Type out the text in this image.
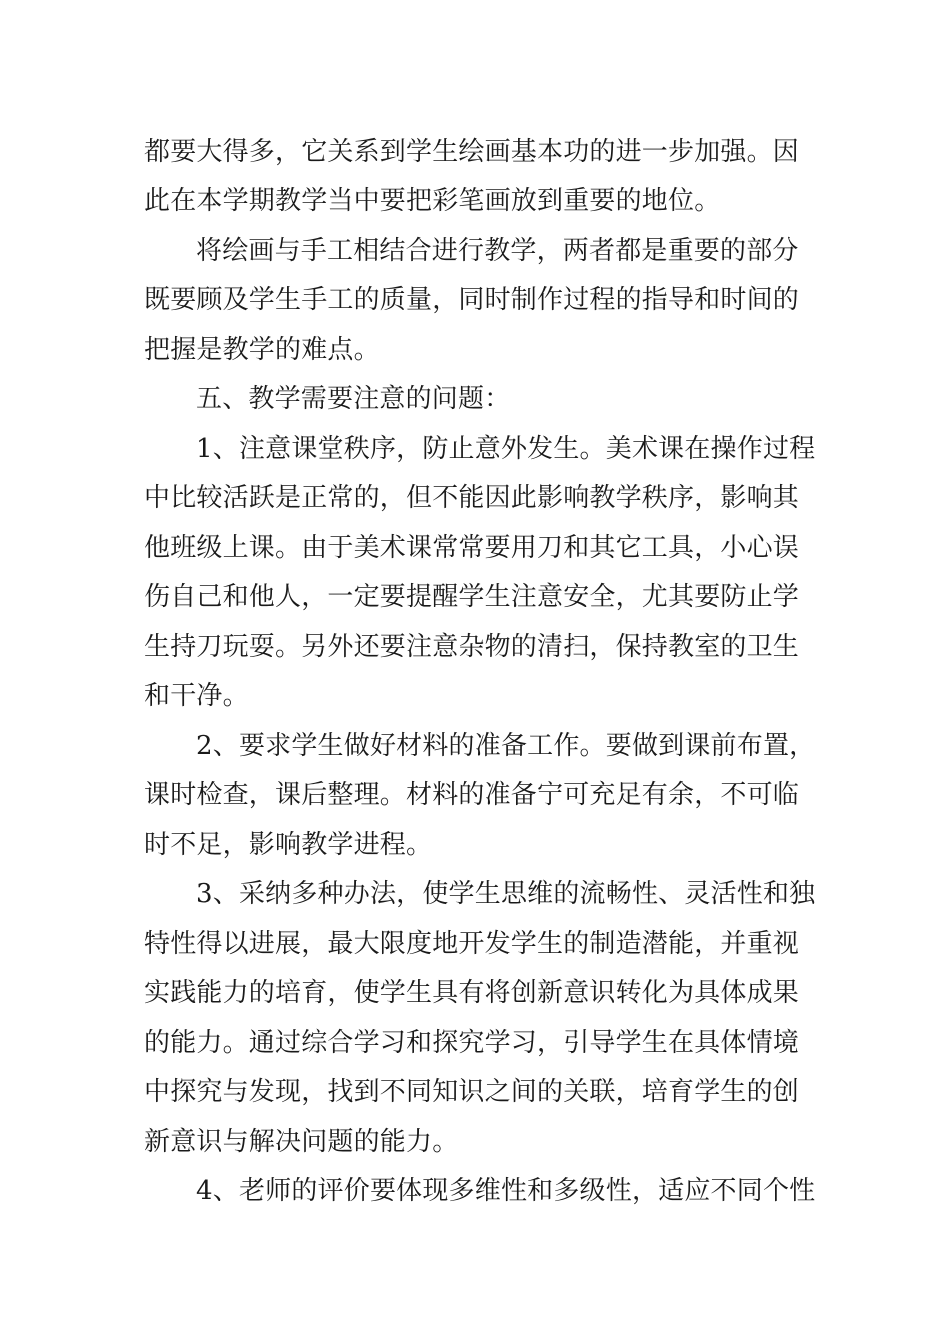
都要大得多，它关系到学生绘画基本功的进一步加强。因
此在本学期教学当中要把彩笔画放到重要的地位。
将绘画与手工相结合进行教学，两者都是重要的部分
既要顾及学生手工的质量，同时制作过程的指导和时间的
把握是教学的难点。
五、教学需要注意的问题：
1、注意课堂秩序，防止意外发生。美术课在操作过程
中比较活跃是正常的，但不能因此影响教学秩序，影响其
他班级上课。由于美术课常常要用刀和其它工具，小心误
伤自己和他人，一定要提醒学生注意安全，尤其要防止学
生持刀玩耍。另外还要注意杂物的清扫，保持教室的卫生
和干净。
2、要求学生做好材料的准备工作。要做到课前布置，
课时检查，课后整理。材料的准备宁可充足有余，不可临
时不足，影响教学进程。
3、采纳多种办法，使学生思维的流畅性、灵活性和独
特性得以进展，最大限度地开发学生的制造潜能，并重视
实践能力的培育，使学生具有将创新意识转化为具体成果
的能力。通过综合学习和探究学习，引导学生在具体情境
中探究与发现，找到不同知识之间的关联，培育学生的创
新意识与解决问题的能力。
4、老师的评价要体现多维性和多级性，适应不同个性
